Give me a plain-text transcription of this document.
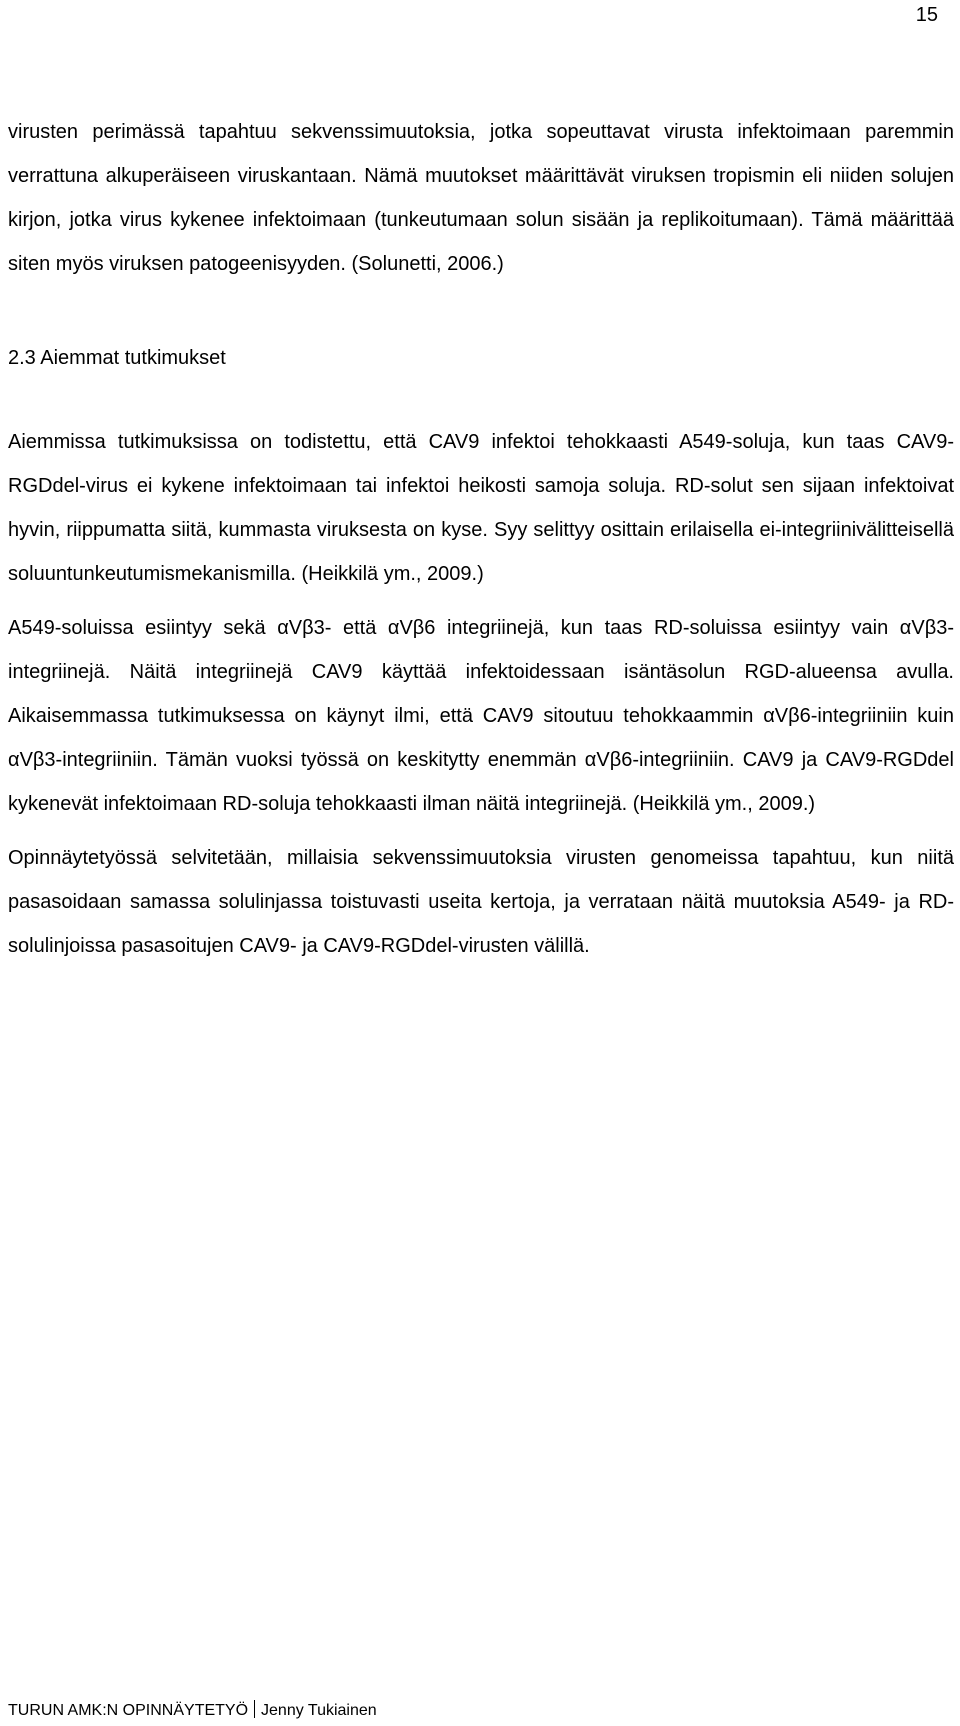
15

virusten perimässä tapahtuu sekvenssimuutoksia, jotka sopeuttavat virusta infektoimaan paremmin verrattuna alkuperäiseen viruskantaan. Nämä muutokset määrittävät viruksen tropismin eli niiden solujen kirjon, jotka virus kykenee infektoimaan (tunkeutumaan solun sisään ja replikoitumaan). Tämä määrittää siten myös viruksen patogeenisyyden. (Solunetti, 2006.)

2.3 Aiemmat tutkimukset

Aiemmissa tutkimuksissa on todistettu, että CAV9 infektoi tehokkaasti A549-soluja, kun taas CAV9-RGDdel-virus ei kykene infektoimaan tai infektoi heikosti samoja soluja. RD-solut sen sijaan infektoivat hyvin, riippumatta siitä, kummasta viruksesta on kyse. Syy selittyy osittain erilaisella ei-integriinivälitteisellä soluuntunkeutumismekanismilla. (Heikkilä ym., 2009.)

A549-soluissa esiintyy sekä αVβ3- että αVβ6 integriinejä, kun taas RD-soluissa esiintyy vain αVβ3-integriinejä. Näitä integriinejä CAV9 käyttää infektoidessaan isäntäsolun RGD-alueensa avulla. Aikaisemmassa tutkimuksessa on käynyt ilmi, että CAV9 sitoutuu tehokkaammin αVβ6-integriiniin kuin αVβ3-integriiniin. Tämän vuoksi työssä on keskitytty enemmän αVβ6-integriiniin. CAV9 ja CAV9-RGDdel kykenevät infektoimaan RD-soluja tehokkaasti ilman näitä integriinejä. (Heikkilä ym., 2009.)

Opinnäytetyössä selvitetään, millaisia sekvenssimuutoksia virusten genomeissa tapahtuu, kun niitä pasasoidaan samassa solulinjassa toistuvasti useita kertoja, ja verrataan näitä muutoksia A549- ja RD-solulinjoissa pasasoitujen CAV9- ja CAV9-RGDdel-virusten välillä.

TURUN AMK:N OPINNÄYTETYÖ Jenny Tukiainen
